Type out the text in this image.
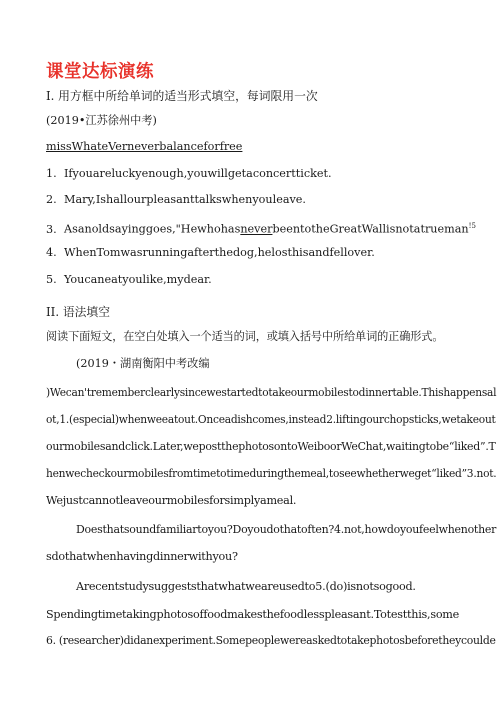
课堂达标演练
I. 用方框中所给单词的适当形式填空，每词限用一次
(2019•江苏徐州中考)
missWhateVerneverbalanceforfree
1. Ifyouareluckyenough,youwillgetaconcertticket.
2. Mary,Ishallourpleasanttalkswhenyouleave.
3. Asanoldsayinggoes,"HewhohasneverbeentotheGreatWallisnotatrueman$^{!5}$
4. WhenTomwasrunningafterthedog,helosthisandfellover.
5. Youcaneatyoulike,mydear.
II. 语法填空
阅读下面短文，在空白处填入一个适当的词，或填入括号中所给单词的正确形式。
(2019・湖南衡阳中考改编
)Wecan'trememberclearlysincewestartedtotakeourmobilestodinnertable.Thishappensal
ot,1.(especial)whenweeatout.Onceadishcomes,instead2.liftingourchopsticks,wetakeout
ourmobilesandclick.Later,wepostthephotosontoWeiboorWeChat,waitingtobe“liked”.T
henwecheckourmobilesfromtimetotimeduringthemeal,toseewhetherweget“liked”3.not.
Wejustcannotleaveourmobilesforsimplyameal.
Doesthatsoundfamiliartoyou?Doyoudothatoften?4.not,howdoyoufeelwhenother
sdothatwhenhavingdinnerwithyou?
Arecentstudysuggeststhatwhatweareusedto5.(do)isnotsogood.
Spendingtimetakingphotosoffoodmakesthefoodlesspleasant.Totestthis,some
6. (researcher)didanexperiment.Somepeoplewereaskedtotakephotosbeforetheycoulde
